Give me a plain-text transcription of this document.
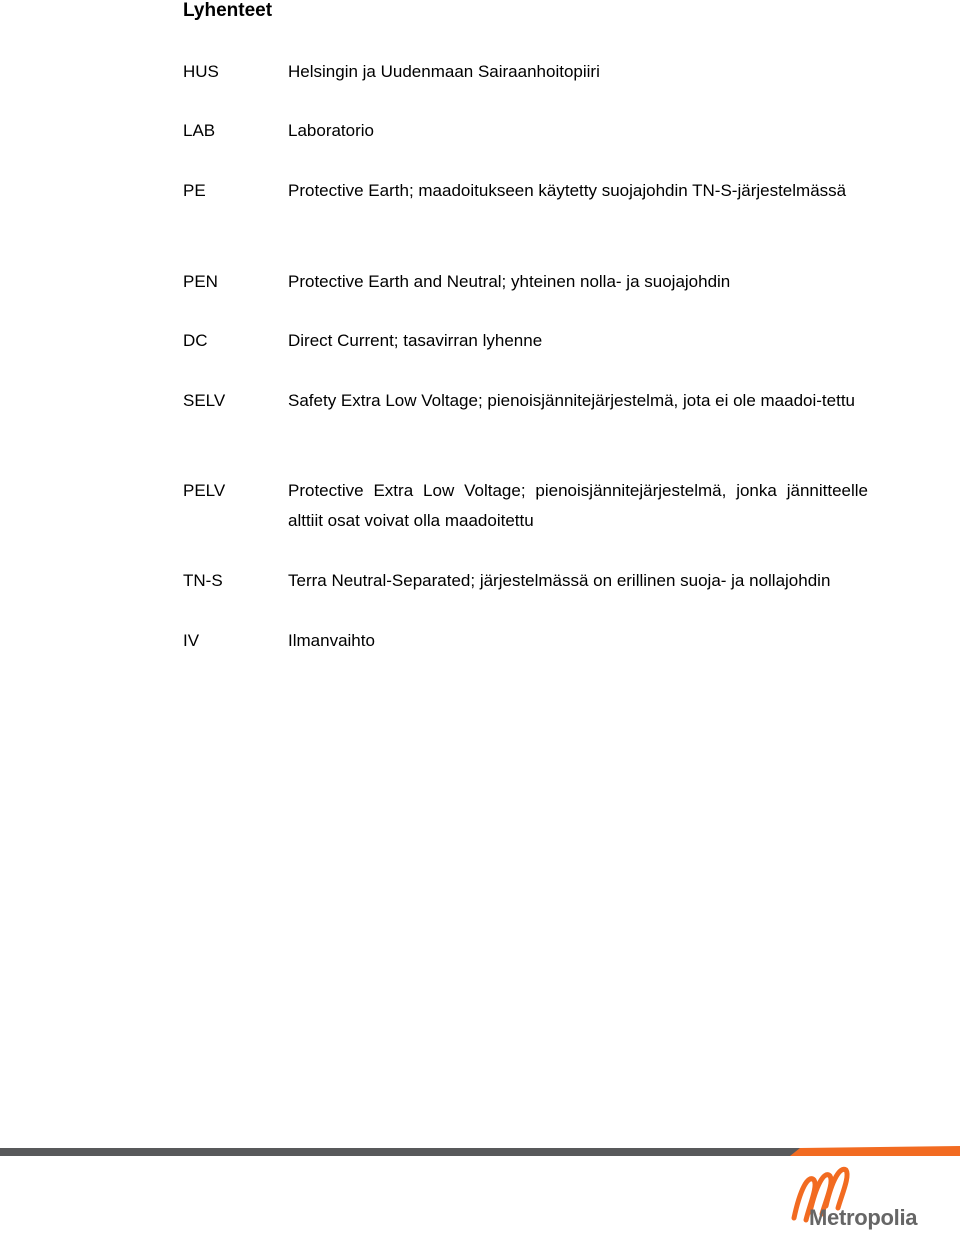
Lyhenteet
HUS	Helsingin ja Uudenmaan Sairaanhoitopiiri
LAB	Laboratorio
PE	Protective Earth; maadoitukseen käytetty suojajohdin TN-S-järjestelmässä
PEN	Protective Earth and Neutral; yhteinen nolla- ja suojajohdin
DC	Direct Current; tasavirran lyhenne
SELV	Safety Extra Low Voltage; pienoisjännitejärjestelmä, jota ei ole maadoi-tettu
PELV	Protective Extra Low Voltage; pienoisjännitejärjestelmä, jonka jännitteelle alttiit osat voivat olla maadoitettu
TN-S	Terra Neutral-Separated; järjestelmässä on erillinen suoja- ja nollajohdin
IV	Ilmanvaihto
Metropolia
